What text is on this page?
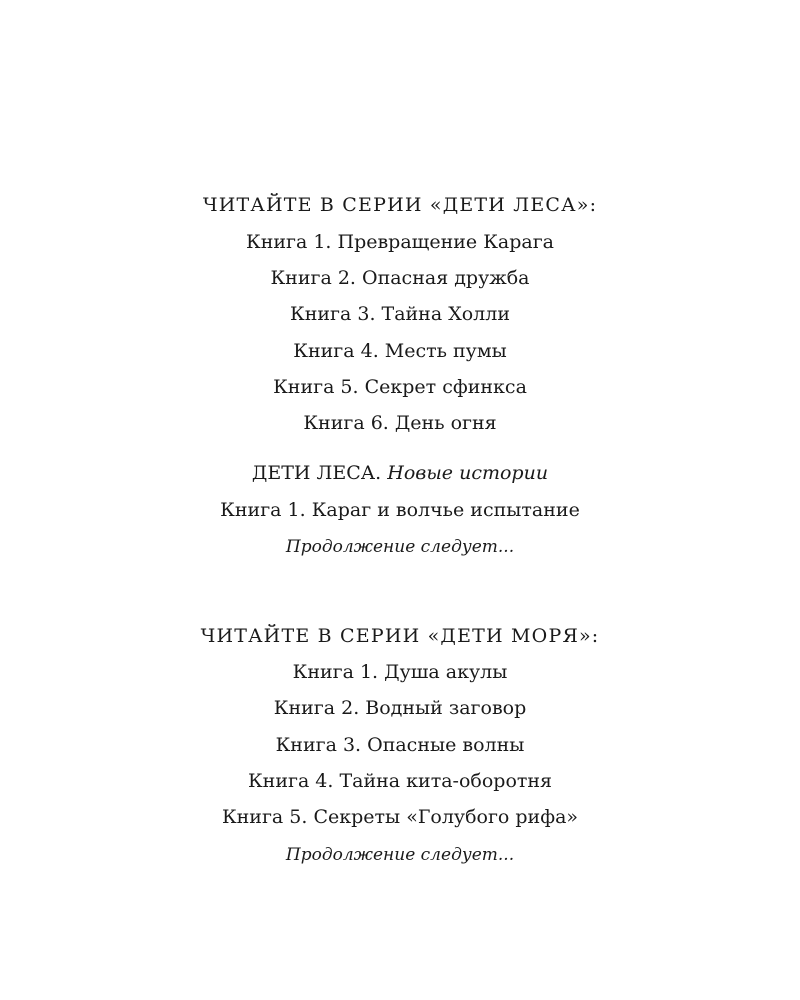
ЧИТАЙТЕ В СЕРИИ «ДЕТИ ЛЕСА»:
Книга 1. Превращение Карага
Книга 2. Опасная дружба
Книга 3. Тайна Холли
Книга 4. Месть пумы
Книга 5. Секрет сфинкса
Книга 6. День огня
ДЕТИ ЛЕСА. Новые истории
Книга 1. Караг и волчье испытание
Продолжение следует...
ЧИТАЙТЕ В СЕРИИ «ДЕТИ МОРЯ»:
Книга 1. Душа акулы
Книга 2. Водный заговор
Книга 3. Опасные волны
Книга 4. Тайна кита-оборотня
Книга 5. Секреты «Голубого рифа»
Продолжение следует...
